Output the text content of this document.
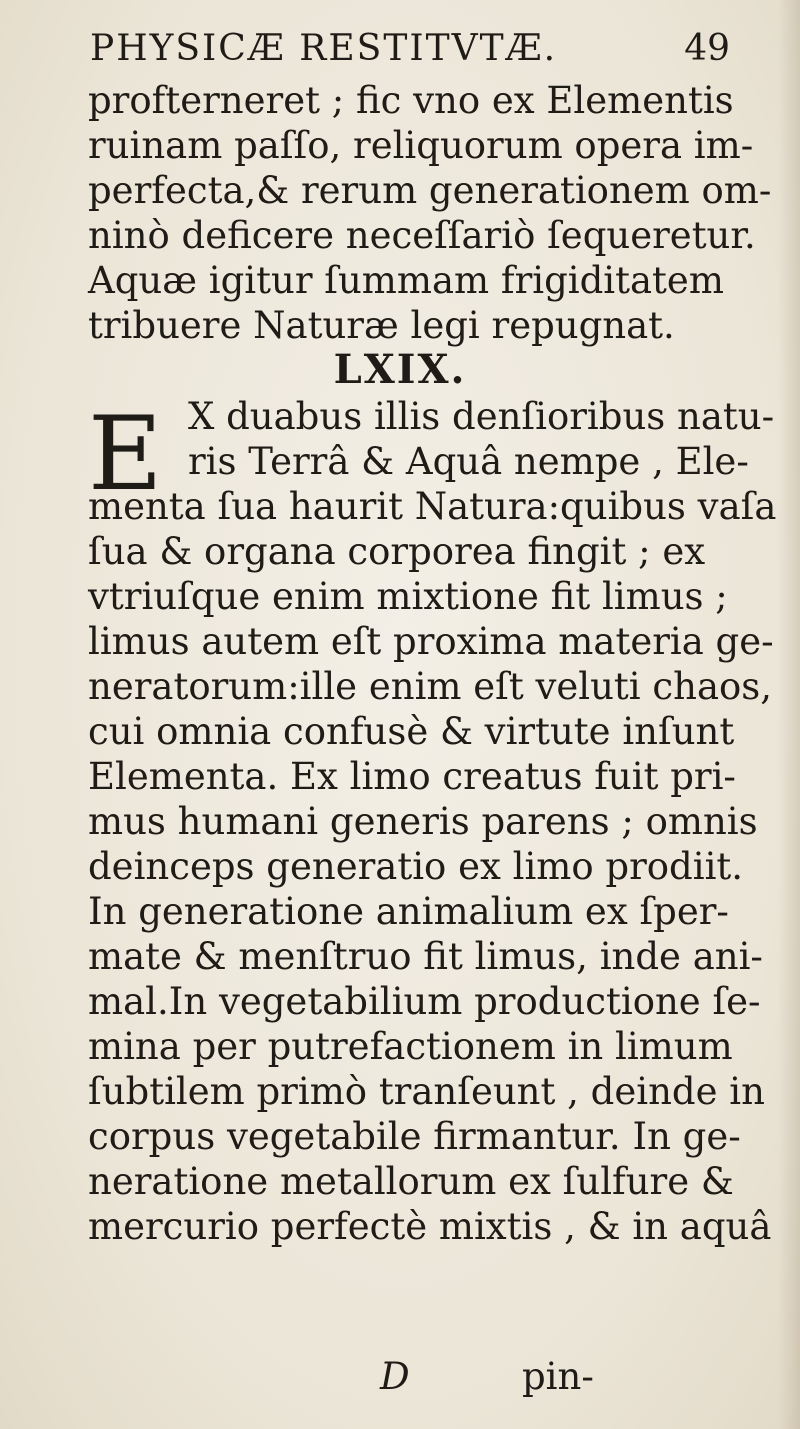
PHYSICÆ RESTITVTÆ.	49
profterneret ; fic vno ex Elementis
ruinam paſſo, reliquorum opera im-
perfecta,& rerum generationem om-
ninò deficere neceſſariò ſequeretur.
Aquæ igitur ſummam frigiditatem
tribuere Naturæ legi repugnat.
LXIX.
E X duabus illis denſioribus natu-
ris Terrâ & Aquâ nempe , Ele-
menta ſua haurit Natura:quibus vaſa
ſua & organa corporea fingit ; ex
vtriuſque enim mixtione fit limus ;
limus autem eſt proxima materia ge-
neratorum:ille enim eſt veluti chaos,
cui omnia confusè & virtute inſunt
Elementa. Ex limo creatus fuit pri-
mus humani generis parens ; omnis
deinceps generatio ex limo prodiit.
In generatione animalium ex ſper-
mate & menſtruo fit limus, inde ani-
mal.In vegetabilium productione ſe-
mina per putrefactionem in limum
ſubtilem primò tranſeunt , deinde in
corpus vegetabile firmantur. In ge-
neratione metallorum ex ſulfure &
mercurio perfectè mixtis , & in aquâ
D	pin-
